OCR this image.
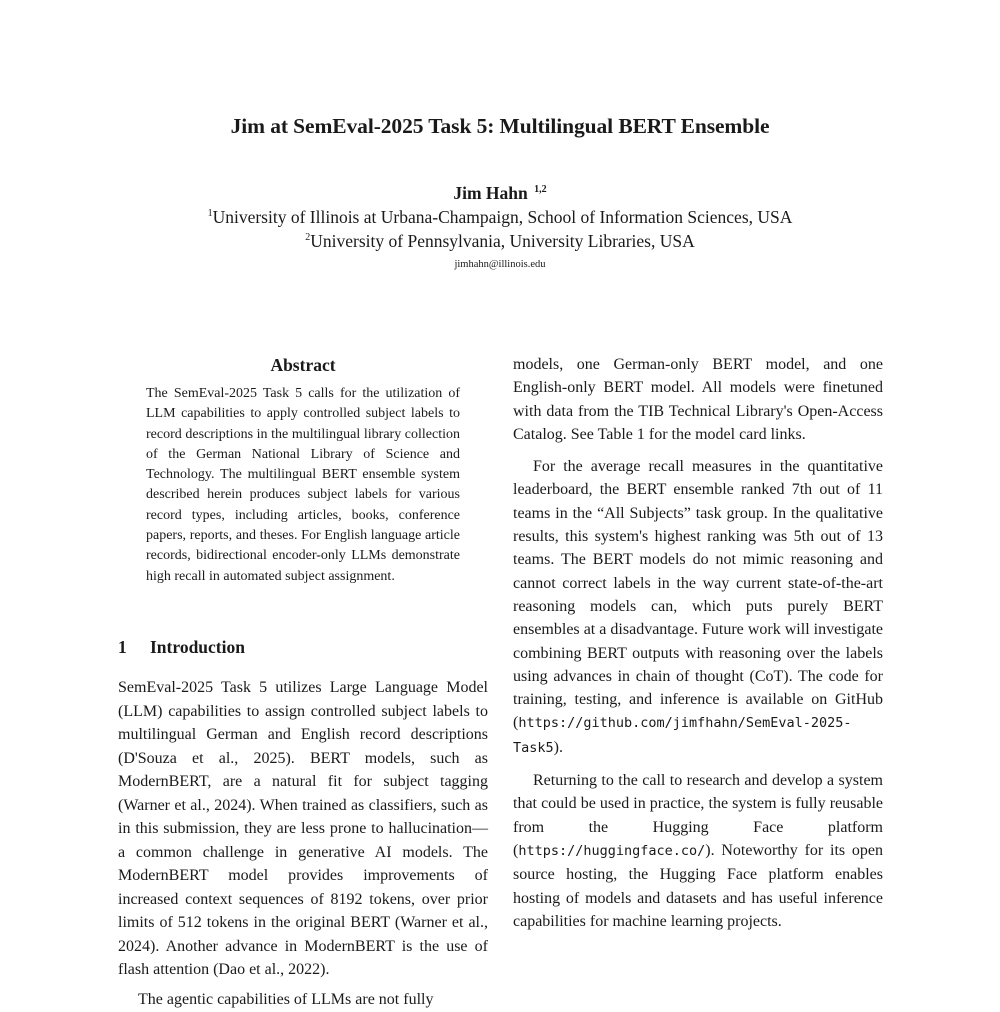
Jim at SemEval-2025 Task 5: Multilingual BERT Ensemble
Jim Hahn $^{1,2}$
$^1$University of Illinois at Urbana-Champaign, School of Information Sciences, USA
$^2$University of Pennsylvania, University Libraries, USA
jimhahn@illinois.edu
Abstract

The SemEval-2025 Task 5 calls for the utilization of LLM capabilities to apply controlled subject labels to record descriptions in the multilingual library collection of the German National Library of Science and Technology. The multilingual BERT ensemble system described herein produces subject labels for various record types, including articles, books, conference papers, reports, and theses. For English language article records, bidirectional encoder-only LLMs demonstrate high recall in automated subject assignment.

1 Introduction

SemEval-2025 Task 5 utilizes Large Language Model (LLM) capabilities to assign controlled subject labels to multilingual German and English record descriptions (D'Souza et al., 2025). BERT models, such as ModernBERT, are a natural fit for subject tagging (Warner et al., 2024). When trained as classifiers, such as in this submission, they are less prone to hallucination—a common challenge in generative AI models. The ModernBERT model provides improvements of increased context sequences of 8192 tokens, over prior limits of 512 tokens in the original BERT (Warner et al., 2024). Another advance in ModernBERT is the use of flash attention (Dao et al., 2022).

The agentic capabilities of LLMs are not fully

models, one German-only BERT model, and one English-only BERT model. All models were finetuned with data from the TIB Technical Library's Open-Access Catalog. See Table 1 for the model card links.

For the average recall measures in the quantitative leaderboard, the BERT ensemble ranked 7th out of 11 teams in the “All Subjects” task group. In the qualitative results, this system's highest ranking was 5th out of 13 teams. The BERT models do not mimic reasoning and cannot correct labels in the way current state-of-the-art reasoning models can, which puts purely BERT ensembles at a disadvantage. Future work will investigate combining BERT outputs with reasoning over the labels using advances in chain of thought (CoT). The code for training, testing, and inference is available on GitHub (https://github.com/jimfhahn/SemEval-2025-Task5).

Returning to the call to research and develop a system that could be used in practice, the system is fully reusable from the Hugging Face platform (https://huggingface.co/). Noteworthy for its open source hosting, the Hugging Face platform enables hosting of models and datasets and has useful inference capabilities for machine learning projects.
